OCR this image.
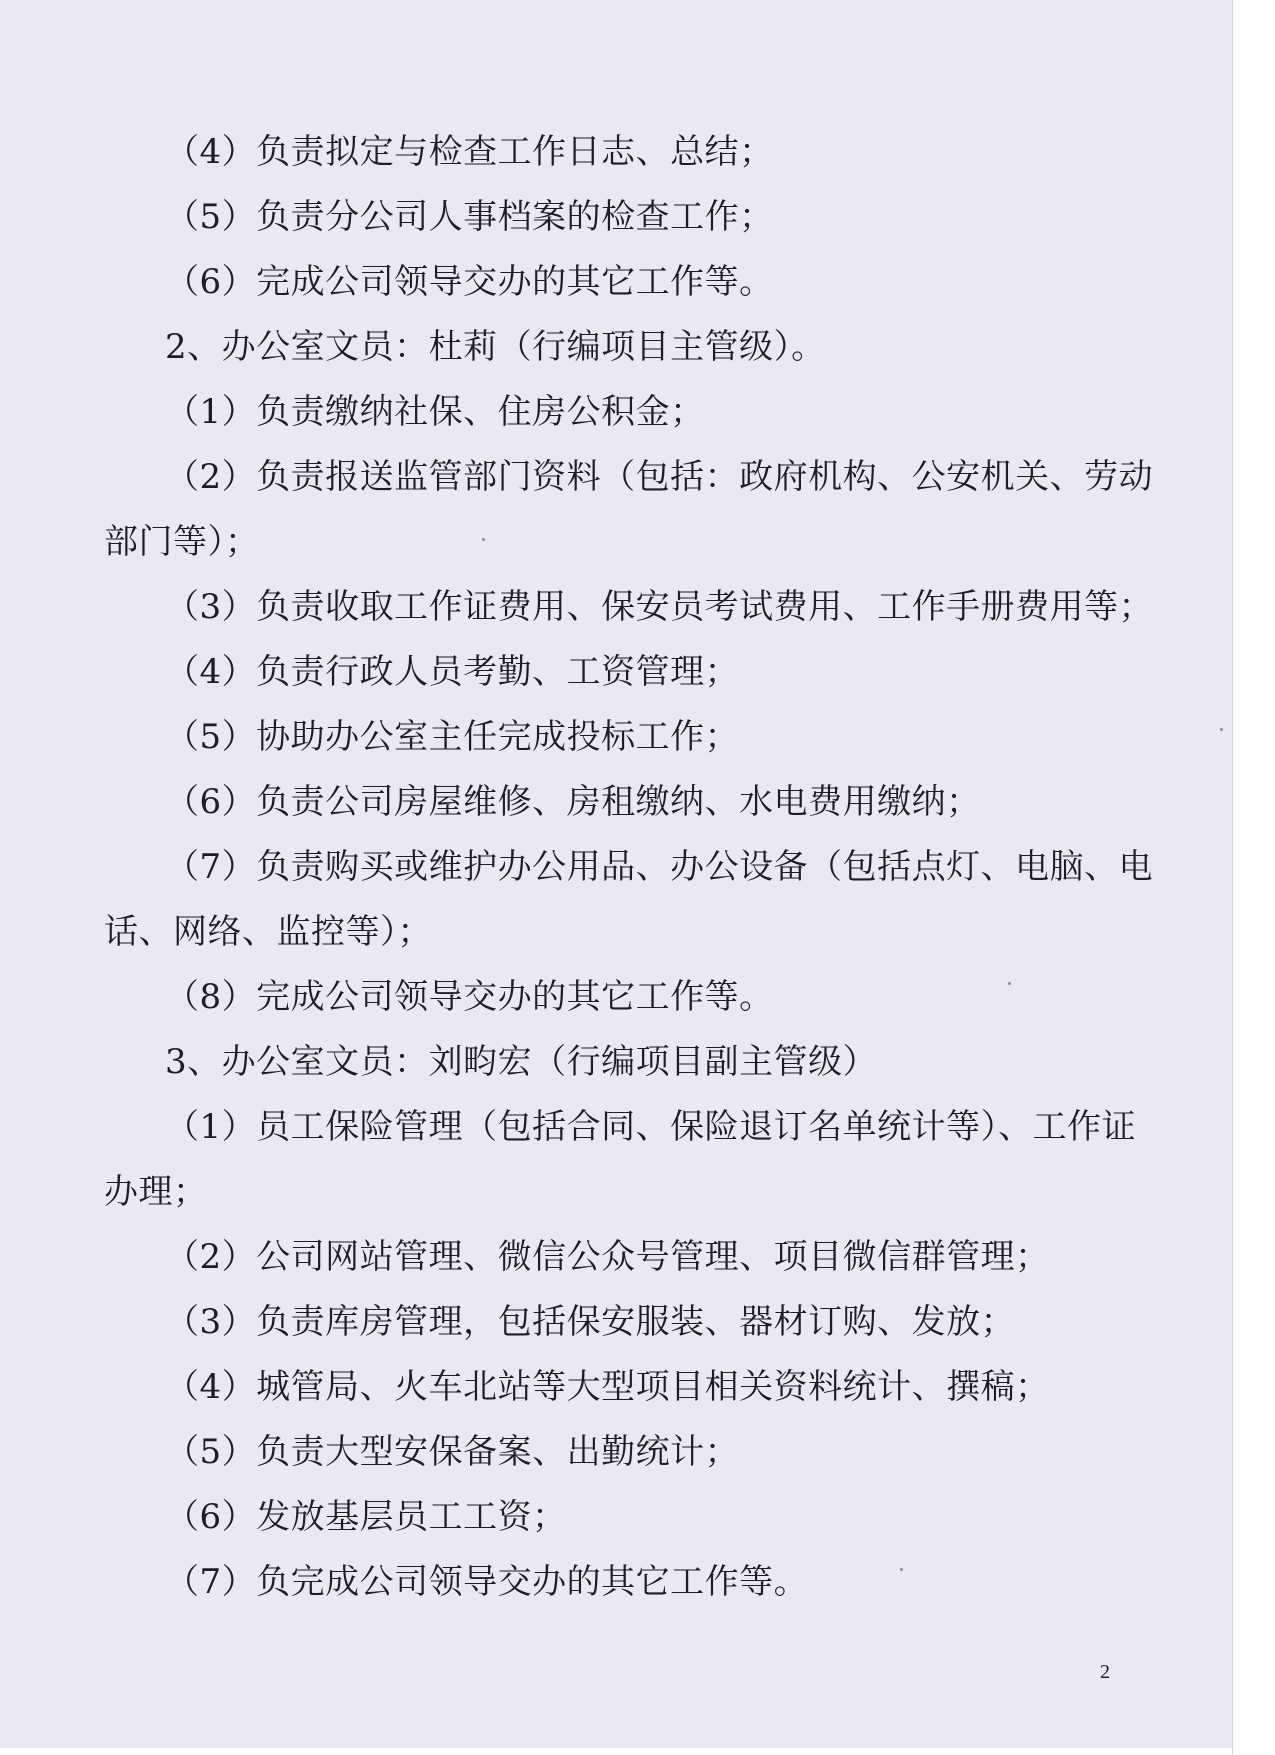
（4）负责拟定与检查工作日志、总结；
（5）负责分公司人事档案的检查工作；
（6）完成公司领导交办的其它工作等。
2、办公室文员：杜莉（行编项目主管级）。
（1）负责缴纳社保、住房公积金；
（2）负责报送监管部门资料（包括：政府机构、公安机关、劳动
部门等）；
（3）负责收取工作证费用、保安员考试费用、工作手册费用等；
（4）负责行政人员考勤、工资管理；
（5）协助办公室主任完成投标工作；
（6）负责公司房屋维修、房租缴纳、水电费用缴纳；
（7）负责购买或维护办公用品、办公设备（包括点灯、电脑、电
话、网络、监控等）；
（8）完成公司领导交办的其它工作等。
3、办公室文员：刘畇宏（行编项目副主管级）
（1）员工保险管理（包括合同、保险退订名单统计等）、工作证
办理；
（2）公司网站管理、微信公众号管理、项目微信群管理；
（3）负责库房管理，包括保安服装、器材订购、发放；
（4）城管局、火车北站等大型项目相关资料统计、撰稿；
（5）负责大型安保备案、出勤统计；
（6）发放基层员工工资；
（7）负完成公司领导交办的其它工作等。
2
